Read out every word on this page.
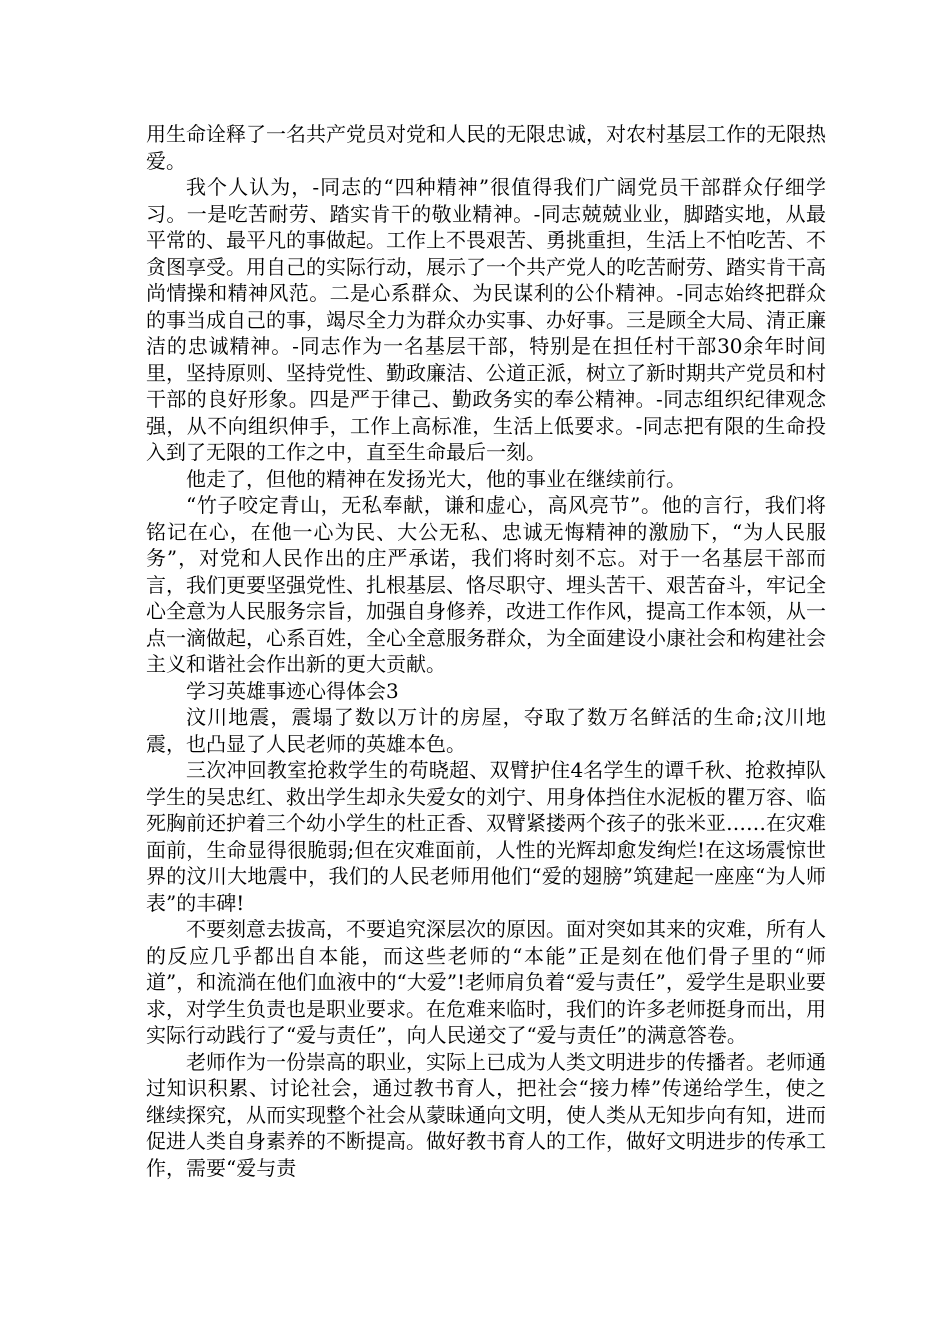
用生命诠释了一名共产党员对党和人民的无限忠诚，对农村基层工作的无限热爱。

我个人认为，-同志的“四种精神”很值得我们广阔党员干部群众仔细学习。一是吃苦耐劳、踏实肯干的敬业精神。-同志兢兢业业，脚踏实地，从最平常的、最平凡的事做起。工作上不畏艰苦、勇挑重担，生活上不怕吃苦、不贪图享受。用自己的实际行动，展示了一个共产党人的吃苦耐劳、踏实肯干高尚情操和精神风范。二是心系群众、为民谋利的公仆精神。-同志始终把群众的事当成自己的事，竭尽全力为群众办实事、办好事。三是顾全大局、清正廉洁的忠诚精神。-同志作为一名基层干部，特别是在担任村干部30余年时间里，坚持原则、坚持党性、勤政廉洁、公道正派，树立了新时期共产党员和村干部的良好形象。四是严于律己、勤政务实的奉公精神。-同志组织纪律观念强，从不向组织伸手，工作上高标准，生活上低要求。-同志把有限的生命投入到了无限的工作之中，直至生命最后一刻。

他走了，但他的精神在发扬光大，他的事业在继续前行。

“竹子咬定青山，无私奉献，谦和虚心，高风亮节”。他的言行，我们将铭记在心，在他一心为民、大公无私、忠诚无悔精神的激励下，“为人民服务”，对党和人民作出的庄严承诺，我们将时刻不忘。对于一名基层干部而言，我们更要坚强党性、扎根基层、恪尽职守、埋头苦干、艰苦奋斗，牢记全心全意为人民服务宗旨，加强自身修养，改进工作作风，提高工作本领，从一点一滴做起，心系百姓，全心全意服务群众，为全面建设小康社会和构建社会主义和谐社会作出新的更大贡献。

学习英雄事迹心得体会3

汶川地震，震塌了数以万计的房屋，夺取了数万名鲜活的生命;汶川地震，也凸显了人民老师的英雄本色。

三次冲回教室抢救学生的苟晓超、双臂护住4名学生的谭千秋、抢救掉队学生的吴忠红、救出学生却永失爱女的刘宁、用身体挡住水泥板的瞿万容、临死胸前还护着三个幼小学生的杜正香、双臂紧搂两个孩子的张米亚……在灾难面前，生命显得很脆弱;但在灾难面前，人性的光辉却愈发绚烂!在这场震惊世界的汶川大地震中，我们的人民老师用他们“爱的翅膀”筑建起一座座“为人师表”的丰碑!

不要刻意去拔高，不要追究深层次的原因。面对突如其来的灾难，所有人的反应几乎都出自本能，而这些老师的“本能”正是刻在他们骨子里的“师道”，和流淌在他们血液中的“大爱”!老师肩负着“爱与责任”，爱学生是职业要求，对学生负责也是职业要求。在危难来临时，我们的许多老师挺身而出，用实际行动践行了“爱与责任”，向人民递交了“爱与责任”的满意答卷。

老师作为一份崇高的职业，实际上已成为人类文明进步的传播者。老师通过知识积累、讨论社会，通过教书育人，把社会“接力棒”传递给学生，使之继续探究，从而实现整个社会从蒙昧通向文明，使人类从无知步向有知，进而促进人类自身素养的不断提高。做好教书育人的工作，做好文明进步的传承工作，需要“爱与责
